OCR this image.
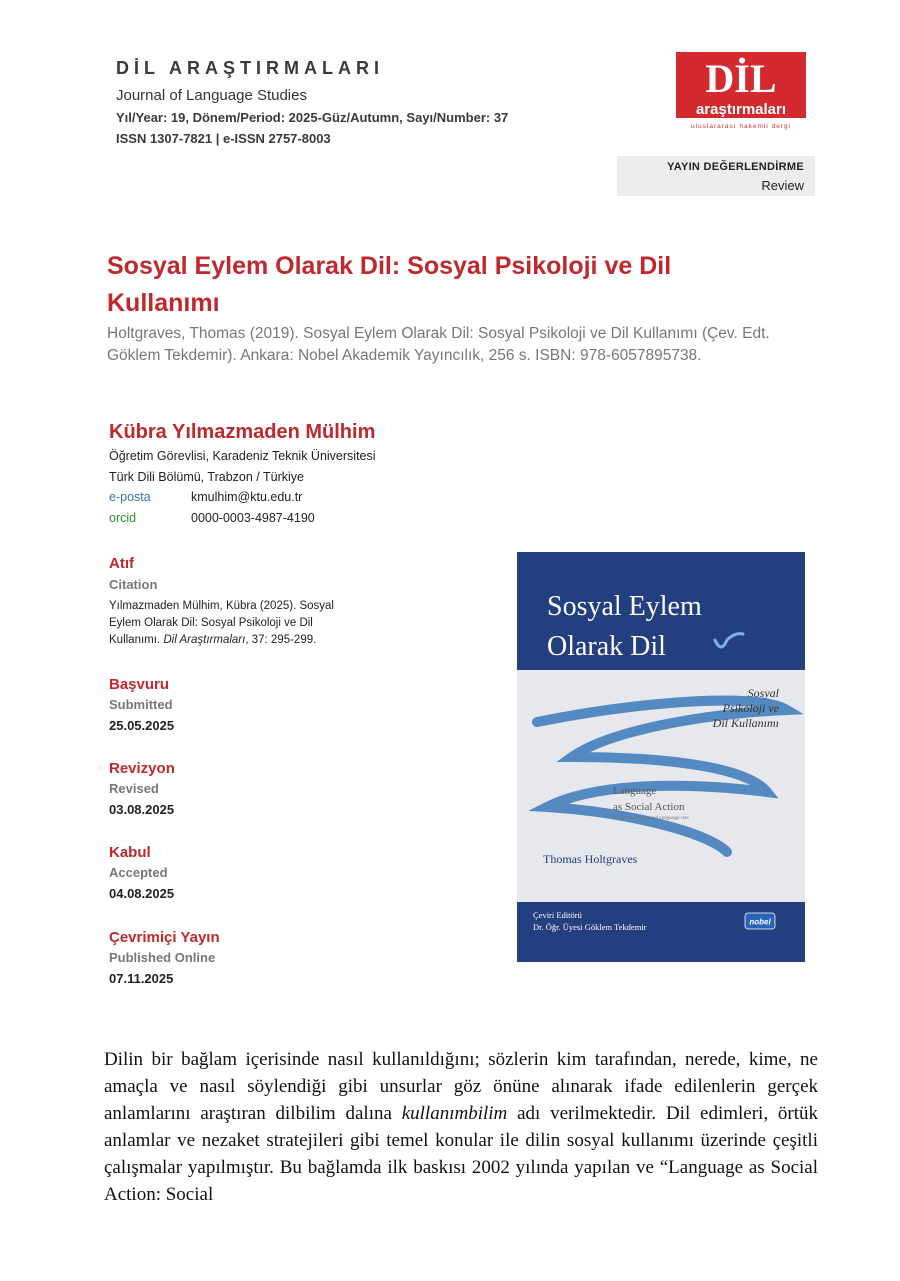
DİL ARAŞTIRMALARI
Journal of Language Studies
Yıl/Year: 19, Dönem/Period: 2025-Güz/Autumn, Sayı/Number: 37
ISSN 1307-7821 | e-ISSN 2757-8003
DİL
araştırmaları
uluslararası hakemli dergi
YAYIN DEĞERLENDİRME
Review
Sosyal Eylem Olarak Dil: Sosyal Psikoloji ve Dil
Kullanımı
Holtgraves, Thomas (2019). Sosyal Eylem Olarak Dil: Sosyal Psikoloji ve Dil Kullanımı (Çev. Edt.
Göklem Tekdemir). Ankara: Nobel Akademik Yayıncılık, 256 s. ISBN: 978-6057895738.
Kübra Yılmazmaden Mülhim
Öğretim Görevlisi, Karadeniz Teknik Üniversitesi
Türk Dili Bölümü, Trabzon / Türkiye
e-posta	kmulhim@ktu.edu.tr
orcid	0000-0003-4987-4190
Atıf
Citation
Yılmazmaden Mülhim, Kübra (2025). Sosyal
Eylem Olarak Dil: Sosyal Psikoloji ve Dil
Kullanımı. Dil Araştırmaları, 37: 295-299.
Başvuru
Submitted
25.05.2025
Revizyon
Revised
03.08.2025
Kabul
Accepted
04.08.2025
Çevrimiçi Yayın
Published Online
07.11.2025
Sosyal Eylem
Olarak Dil
Sosyal
Psikoloji ve
Dil Kullanımı
Language
as Social Action
Social Psychology and Language Use
Thomas Holtgraves
Çeviri Editörü
Dr. Öğr. Üyesi Göklem Tekdemir	nobel
Dilin bir bağlam içerisinde nasıl kullanıldığını; sözlerin kim tarafından, nerede, kime, ne amaçla ve nasıl söylendiği gibi unsurlar göz önüne alınarak ifade edilenlerin gerçek anlamlarını araştıran dilbilim dalına kullanımbilim adı verilmektedir. Dil edimleri, örtük anlamlar ve nezaket stratejileri gibi temel konular ile dilin sosyal kullanımı üzerinde çeşitli çalışmalar yapılmıştır. Bu bağlamda ilk baskısı 2002 yılında yapılan ve “Language as Social Action: Social
